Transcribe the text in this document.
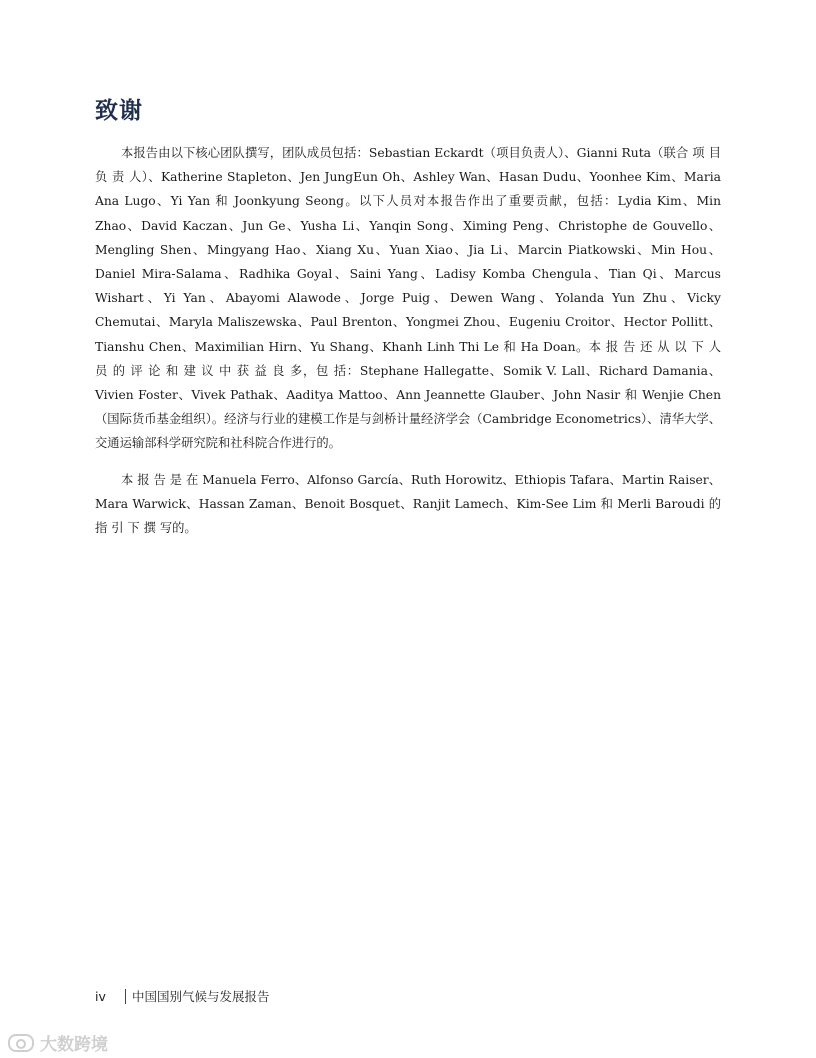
致谢

本报告由以下核心团队撰写，团队成员包括：Sebastian Eckardt（项目负责人）、Gianni Ruta（联合 项 目 负 责 人）、Katherine Stapleton、Jen JungEun Oh、Ashley Wan、Hasan Dudu、Yoonhee Kim、Maria Ana Lugo、Yi Yan 和 Joonkyung Seong。以下人员对本报告作出了重要贡献，包括：Lydia Kim、Min Zhao、David Kaczan、Jun Ge、Yusha Li、Yanqin Song、Ximing Peng、Christophe de Gouvello、Mengling Shen、Mingyang Hao、Xiang Xu、Yuan Xiao、Jia Li、Marcin Piatkowski、Min Hou、Daniel Mira-Salama、Radhika Goyal、Saini Yang、Ladisy Komba Chengula、Tian Qi、Marcus Wishart、Yi Yan、Abayomi Alawode、Jorge Puig、Dewen Wang、Yolanda Yun Zhu、Vicky Chemutai、Maryla Maliszewska、Paul Brenton、Yongmei Zhou、Eugeniu Croitor、Hector Pollitt、Tianshu Chen、Maximilian Hirn、Yu Shang、Khanh Linh Thi Le 和 Ha Doan。本 报 告 还 从 以 下 人 员 的 评 论 和 建 议 中 获 益 良 多，包 括：Stephane Hallegatte、Somik V. Lall、Richard Damania、Vivien Foster、Vivek Pathak、Aaditya Mattoo、Ann Jeannette Glauber、John Nasir 和 Wenjie Chen（国际货币基金组织）。经济与行业的建模工作是与剑桥计量经济学会（Cambridge Econometrics）、清华大学、交通运输部科学研究院和社科院合作进行的。

本 报 告 是 在 Manuela Ferro、Alfonso García、Ruth Horowitz、Ethiopis Tafara、Martin Raiser、Mara Warwick、Hassan Zaman、Benoit Bosquet、Ranjit Lamech、Kim-See Lim 和 Merli Baroudi 的 指 引 下 撰 写的。

iv	中国国别气候与发展报告
大数跨境
